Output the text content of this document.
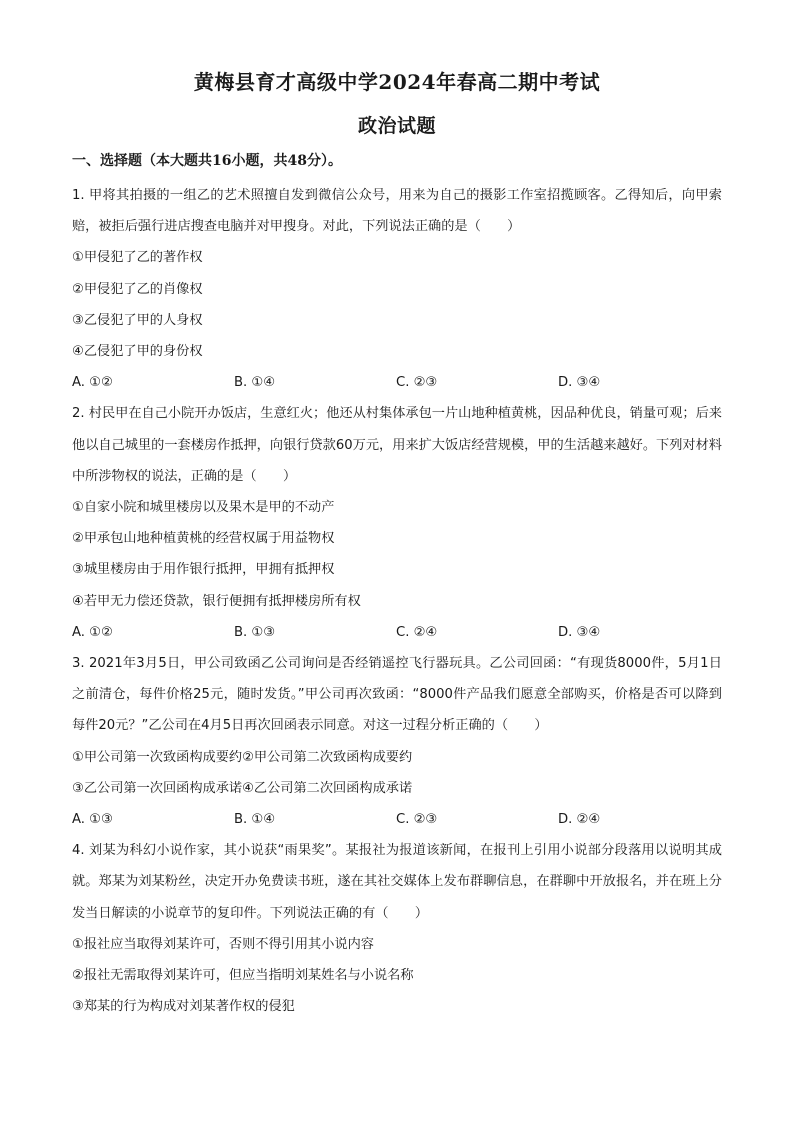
黄梅县育才高级中学2024年春高二期中考试
政治试题
一、选择题（本大题共16小题，共48分）。

1. 甲将其拍摄的一组乙的艺术照擅自发到微信公众号，用来为自己的摄影工作室招揽顾客。乙得知后，向甲索赔，被拒后强行进店搜查电脑并对甲搜身。对此，下列说法正确的是（　　）

①甲侵犯了乙的著作权

②甲侵犯了乙的肖像权

③乙侵犯了甲的人身权

④乙侵犯了甲的身份权

A. ①②	B. ①④	C. ②③	D. ③④

2. 村民甲在自己小院开办饭店，生意红火；他还从村集体承包一片山地种植黄桃，因品种优良，销量可观；后来他以自己城里的一套楼房作抵押，向银行贷款60万元，用来扩大饭店经营规模，甲的生活越来越好。下列对材料中所涉物权的说法，正确的是（　　）

①自家小院和城里楼房以及果木是甲的不动产

②甲承包山地种植黄桃的经营权属于用益物权

③城里楼房由于用作银行抵押，甲拥有抵押权

④若甲无力偿还贷款，银行便拥有抵押楼房所有权

A. ①②	B. ①③	C. ②④	D. ③④

3. 2021年3月5日，甲公司致函乙公司询问是否经销遥控飞行器玩具。乙公司回函：“有现货8000件，5月1日之前清仓，每件价格25元，随时发货。”甲公司再次致函：“8000件产品我们愿意全部购买，价格是否可以降到每件20元？”乙公司在4月5日再次回函表示同意。对这一过程分析正确的（　　）

①甲公司第一次致函构成要约②甲公司第二次致函构成要约

③乙公司第一次回函构成承诺④乙公司第二次回函构成承诺

A. ①③	B. ①④	C. ②③	D. ②④

4. 刘某为科幻小说作家，其小说获“雨果奖”。某报社为报道该新闻，在报刊上引用小说部分段落用以说明其成就。郑某为刘某粉丝，决定开办免费读书班，遂在其社交媒体上发布群聊信息，在群聊中开放报名，并在班上分发当日解读的小说章节的复印件。下列说法正确的有（　　）

①报社应当取得刘某许可，否则不得引用其小说内容

②报社无需取得刘某许可，但应当指明刘某姓名与小说名称

③郑某的行为构成对刘某著作权的侵犯
